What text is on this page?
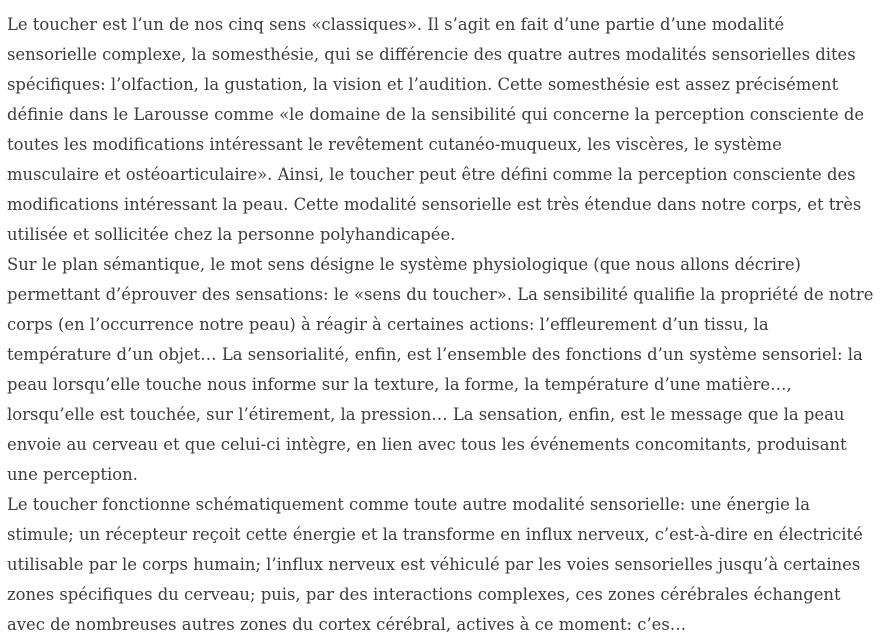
Le toucher est l’un de nos cinq sens «classiques». Il s’agit en fait d’une partie d’une modalité sensorielle complexe, la somesthésie, qui se différencie des quatre autres modalités sensorielles dites spécifiques: l’olfaction, la gustation, la vision et l’audition. Cette somesthésie est assez précisément définie dans le Larousse comme «le domaine de la sensibilité qui concerne la perception consciente de toutes les modifications intéressant le revêtement cutanéo-muqueux, les viscères, le système musculaire et ostéoarticulaire». Ainsi, le toucher peut être défini comme la perception consciente des modifications intéressant la peau. Cette modalité sensorielle est très étendue dans notre corps, et très utilisée et sollicitée chez la personne polyhandicapée.

Sur le plan sémantique, le mot sens désigne le système physiologique (que nous allons décrire) permettant d’éprouver des sensations: le «sens du toucher». La sensibilité qualifie la propriété de notre corps (en l’occurrence notre peau) à réagir à certaines actions: l’effleurement d’un tissu, la température d’un objet… La sensorialité, enfin, est l’ensemble des fonctions d’un système sensoriel: la peau lorsqu’elle touche nous informe sur la texture, la forme, la température d’une matière…, lorsqu’elle est touchée, sur l’étirement, la pression… La sensation, enfin, est le message que la peau envoie au cerveau et que celui-ci intègre, en lien avec tous les événements concomitants, produisant une perception.

Le toucher fonctionne schématiquement comme toute autre modalité sensorielle: une énergie la stimule; un récepteur reçoit cette énergie et la transforme en influx nerveux, c’est-à-dire en électricité utilisable par le corps humain; l’influx nerveux est véhiculé par les voies sensorielles jusqu’à certaines zones spécifiques du cerveau; puis, par des interactions complexes, ces zones cérébrales échangent avec de nombreuses autres zones du cortex cérébral, actives à ce moment: c’es…
